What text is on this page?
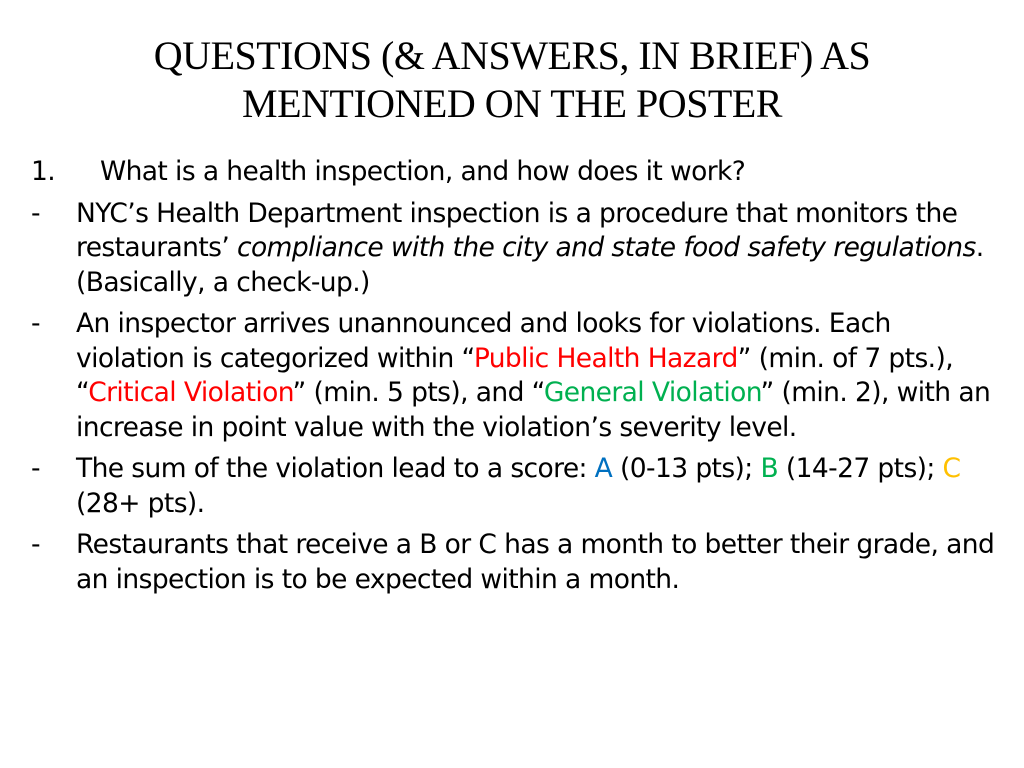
QUESTIONS (& ANSWERS, IN BRIEF) AS
MENTIONED ON THE POSTER
1. What is a health inspection, and how does it work?
- NYC’s Health Department inspection is a procedure that monitors the restaurants’ compliance with the city and state food safety regulations. (Basically, a check-up.)
- An inspector arrives unannounced and looks for violations. Each violation is categorized within “Public Health Hazard” (min. of 7 pts.), “Critical Violation” (min. 5 pts), and “General Violation” (min. 2), with an increase in point value with the violation’s severity level.
- The sum of the violation lead to a score: A (0-13 pts); B (14-27 pts); C (28+ pts).
- Restaurants that receive a B or C has a month to better their grade, and an inspection is to be expected within a month.
